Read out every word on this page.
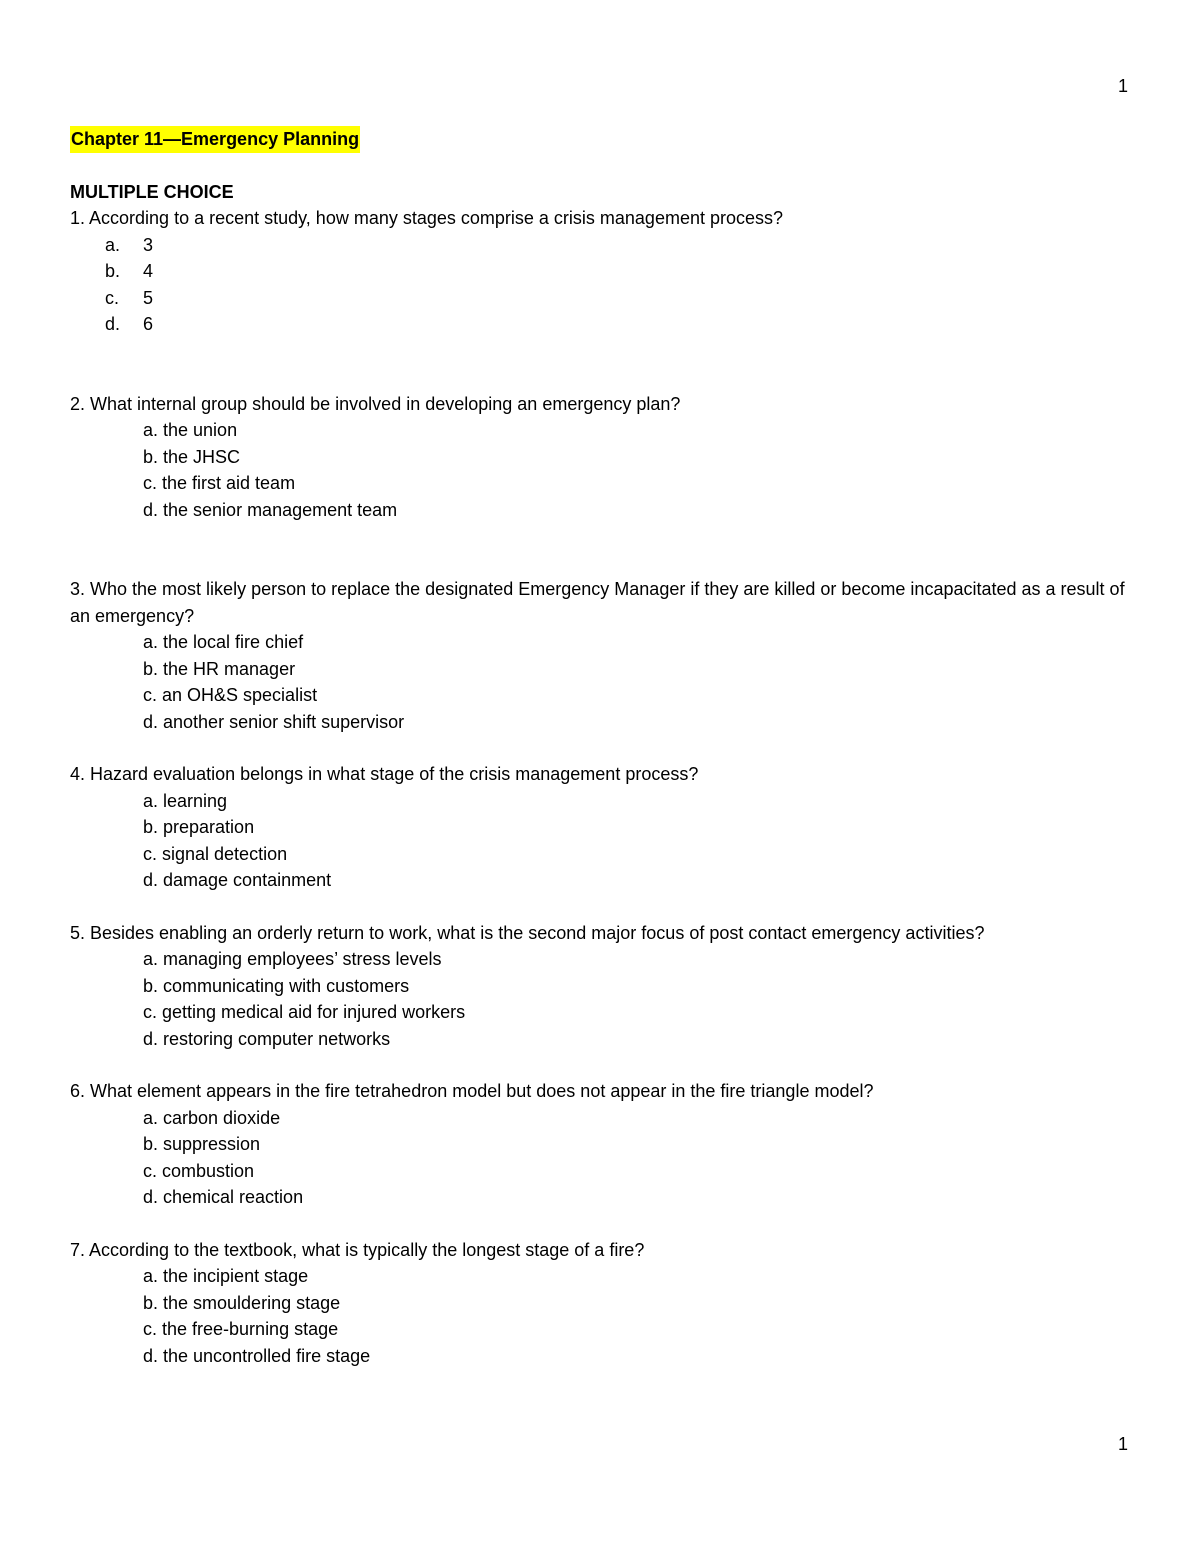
1
Chapter 11—Emergency Planning
MULTIPLE CHOICE

1. According to a recent study, how many stages comprise a crisis management process?

a.	3
b.	4
c.	5
d.	6

2. What internal group should be involved in developing an emergency plan?

a. the union
b. the JHSC
c. the first aid team
d. the senior management team

3. Who the most likely person to replace the designated Emergency Manager if they are killed or become incapacitated as a result of an emergency?

a. the local fire chief
b. the HR manager
c. an OH&S specialist
d. another senior shift supervisor

4. Hazard evaluation belongs in what stage of the crisis management process?

a. learning
b. preparation
c. signal detection
d. damage containment

5. Besides enabling an orderly return to work, what is the second major focus of post contact emergency activities?

a. managing employees’ stress levels
b. communicating with customers
c. getting medical aid for injured workers
d. restoring computer networks

6. What element appears in the fire tetrahedron model but does not appear in the fire triangle model?

a. carbon dioxide
b. suppression
c. combustion
d. chemical reaction

7. According to the textbook, what is typically the longest stage of a fire?

a. the incipient stage
b. the smouldering stage
c. the free-burning stage
d. the uncontrolled fire stage
1
